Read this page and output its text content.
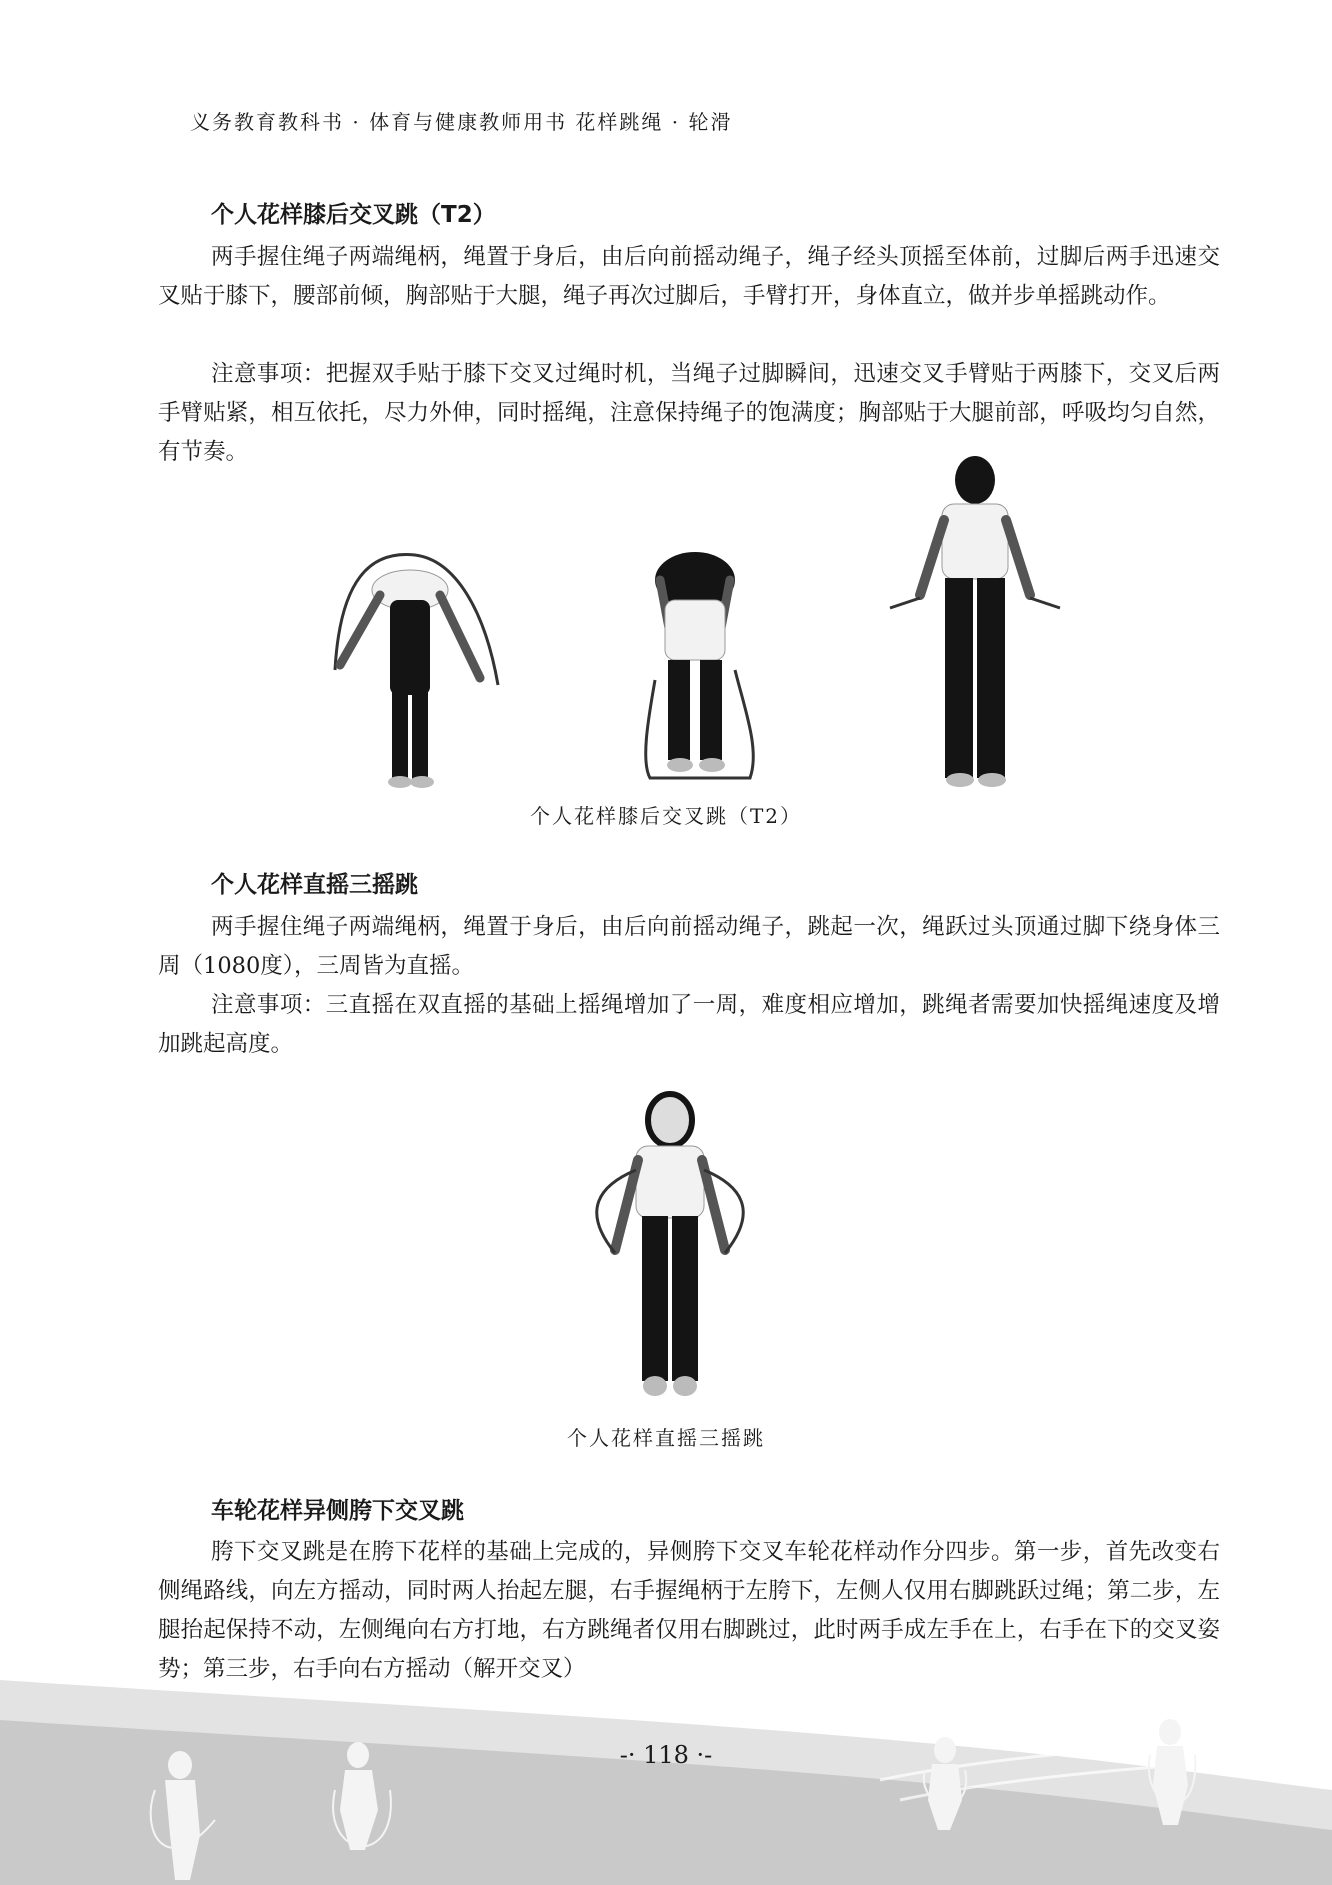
义务教育教科书 · 体育与健康教师用书 花样跳绳 · 轮滑
个人花样膝后交叉跳（T2）
两手握住绳子两端绳柄，绳置于身后，由后向前摇动绳子，绳子经头顶摇至体前，过脚后两手迅速交叉贴于膝下，腰部前倾，胸部贴于大腿，绳子再次过脚后，手臂打开，身体直立，做并步单摇跳动作。
注意事项：把握双手贴于膝下交叉过绳时机，当绳子过脚瞬间，迅速交叉手臂贴于两膝下，交叉后两手臂贴紧，相互依托，尽力外伸，同时摇绳，注意保持绳子的饱满度；胸部贴于大腿前部，呼吸均匀自然，有节奏。
个人花样膝后交叉跳（T2）
个人花样直摇三摇跳
两手握住绳子两端绳柄，绳置于身后，由后向前摇动绳子，跳起一次，绳跃过头顶通过脚下绕身体三周（1080度），三周皆为直摇。
注意事项：三直摇在双直摇的基础上摇绳增加了一周，难度相应增加，跳绳者需要加快摇绳速度及增加跳起高度。
个人花样直摇三摇跳
车轮花样异侧胯下交叉跳
胯下交叉跳是在胯下花样的基础上完成的，异侧胯下交叉车轮花样动作分四步。第一步，首先改变右侧绳路线，向左方摇动，同时两人抬起左腿，右手握绳柄于左胯下，左侧人仅用右脚跳跃过绳；第二步，左腿抬起保持不动，左侧绳向右方打地，右方跳绳者仅用右脚跳过，此时两手成左手在上，右手在下的交叉姿势；第三步，右手向右方摇动（解开交叉）
-· 118 ·-
